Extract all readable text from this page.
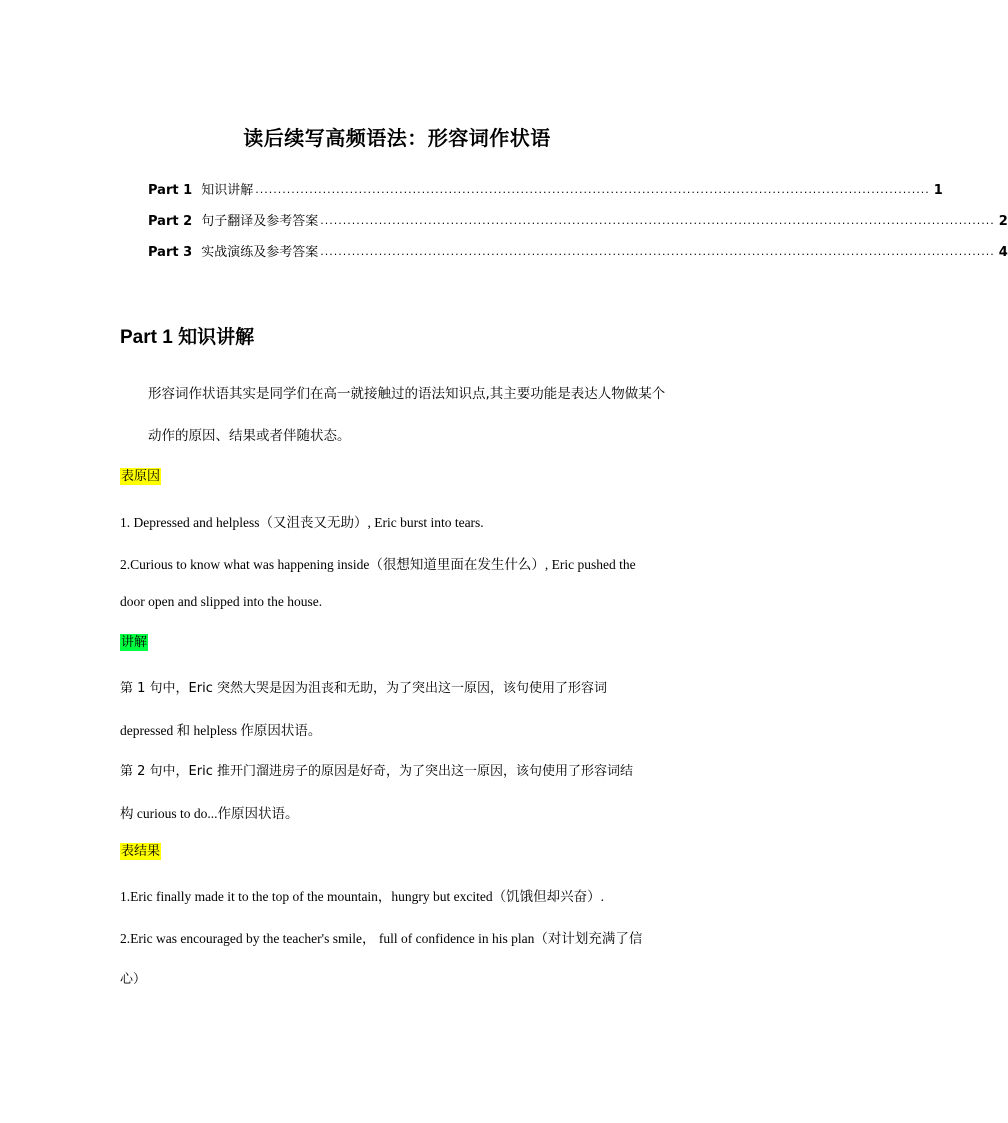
读后续写高频语法：形容词作状语
Part 1 知识讲解 ...................................................................................................................................................... 1
Part 2 句子翻译及参考答案 ...................................................................................................................................................... 2
Part 3 实战演练及参考答案 ...................................................................................................................................................... 4
Part 1 知识讲解
形容词作状语其实是同学们在高一就接触过的语法知识点,其主要功能是表达人物做某个动作的原因、结果或者伴随状态。
表原因
1. Depressed and helpless（又沮丧又无助）, Eric burst into tears.
2.Curious to know what was happening inside（很想知道里面在发生什么）, Eric pushed the
door open and slipped into the house.
讲解
第 1 句中，Eric 突然大哭是因为沮丧和无助，为了突出这一原因，该句使用了形容词
depressed 和 helpless 作原因状语。
第 2 句中，Eric 推开门溜进房子的原因是好奇，为了突出这一原因，该句使用了形容词结
构 curious to do...作原因状语。
表结果
1.Eric finally made it to the top of the mountain，hungry but excited（饥饿但却兴奋）.
2.Eric was encouraged by the teacher's smile， full of confidence in his plan（对计划充满了信
心）
